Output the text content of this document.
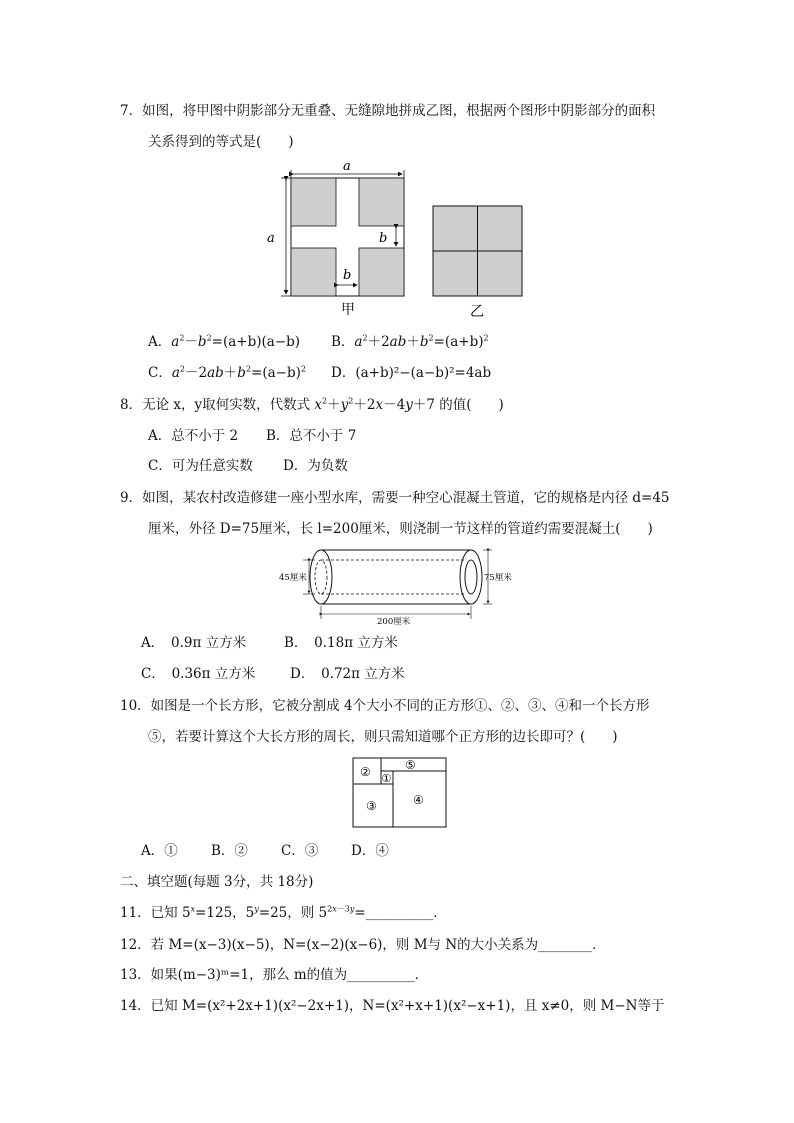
7．如图，将甲图中阴影部分无重叠、无缝隙地拼成乙图，根据两个图形中阴影部分的面积
关系得到的等式是(　　)
a
a	b
b
甲	乙
A．$a^2-b^2=(a+b)(a-b)$ B．$a^2+2ab+b^2=(a+b)^2$
C．$a^2-2ab+b^2=(a-b)^2$ D．(a+b)²−(a−b)²=4ab
8．无论 x，y取何实数，代数式 $x^2+y^2+2x-4y+7$ 的值(　　)
A．总不小于 2 B．总不小于 7
C．可为任意实数 D．为负数
9．如图，某农村改造修建一座小型水库，需要一种空心混凝土管道，它的规格是内径 d=45
厘米，外径 D=75厘米，长 l=200厘米，则浇制一节这样的管道约需要混凝土(　　)
45厘米	75厘米
200厘米
A．　0.9π 立方米	B．　0.18π 立方米
C．　0.36π 立方米	D．　0.72π 立方米
10．如图是一个长方形，它被分割成 4个大小不同的正方形①、②、③、④和一个长方形
⑤，若要计算这个大长方形的周长，则只需知道哪个正方形的边长即可？(　　)
② ①
⑤
③	④
A．① B．② C．③ D．④
二、填空题(每题 3分，共 18分)
11．已知 $5^x=125$，$5^y=25$，则 $5^{2x-3y}=\_\_\_\_\_\_\_\_\_\_$．
12．若 M=(x−3)(x−5)，N=(x−2)(x−6)，则 M与 N的大小关系为________．
13．如果(m−3)ᵐ=1，那么 m的值为__________．
14．已知 M=(x²+2x+1)(x²−2x+1)，N=(x²+x+1)(x²−x+1)，且 x≠0，则 M−N等于
